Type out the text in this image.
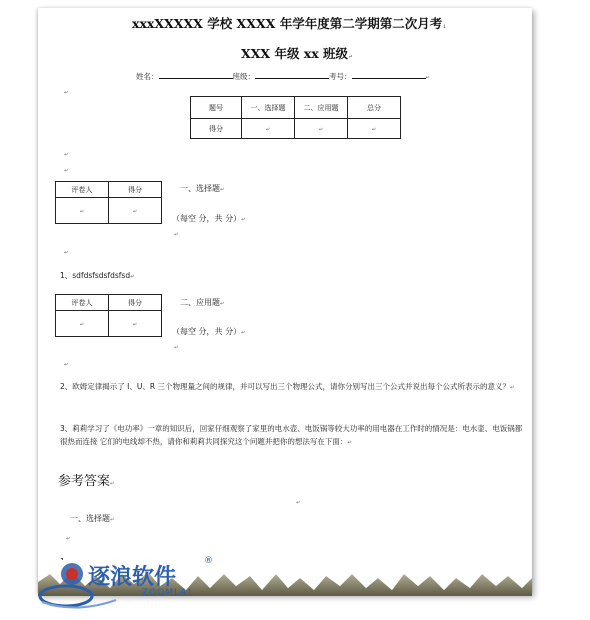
xxxXXXXX 学校 XXXX 年学年度第二学期第二次月考↓
XXX 年级 xx 班级↵
姓名：	班级：	考号：	↵
↵
题号	一、选择题	二、应用题	总分
得分	↵	↵	↵
↵
↵
评卷人	得分
↵	↵
一、选择题↵
（每空 分，共 分）↵
↵
↵
1、sdfdsfsdsfdsfsd↵
评卷人	得分
↵	↵
二、应用题↵
（每空 分，共 分）↵
↵
↵
2、欧姆定律揭示了 I、U、R 三个物理量之间的规律，并可以写出三个物理公式，请你分别写出三个公式并说出每个公式所表示的意义？↵
3、莉莉学习了《电功率》一章的知识后，回家仔细观察了家里的电水壶、电饭锅等较大功率的用电器在工作时的情况是：电水壶、电饭锅都很热而连接 它们的电线却不热，请你和莉莉共同探究这个问题并把你的想法写在下面：↵
参考答案↵
↵
一、选择题↵
↵
逐浪软件
®
ZOOMLA!
